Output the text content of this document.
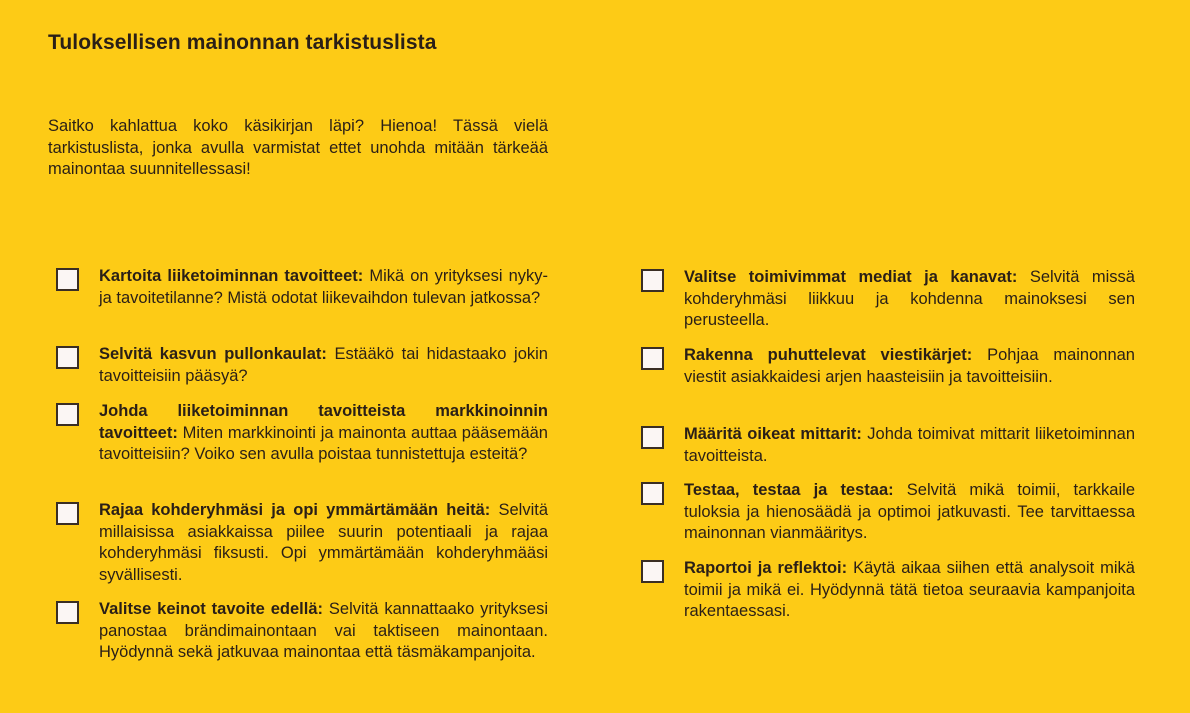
Tuloksellisen mainonnan tarkistuslista

Saitko kahlattua koko käsikirjan läpi? Hienoa! Tässä vielä tarkistuslista, jonka avulla varmistat ettet unohda mitään tärkeää mainontaa suunnitellessasi!

Kartoita liiketoiminnan tavoitteet: Mikä on yrityksesi nyky- ja tavoitetilanne? Mistä odotat liikevaihdon tulevan jatkossa?

Selvitä kasvun pullonkaulat: Estääkö tai hidastaako jokin tavoitteisiin pääsyä?

Johda liiketoiminnan tavoitteista markkinoinnin tavoitteet: Miten markkinointi ja mainonta auttaa pääsemään tavoitteisiin? Voiko sen avulla poistaa tunnistettuja esteitä?

Rajaa kohderyhmäsi ja opi ymmärtämään heitä: Selvitä millaisissa asiakkaissa piilee suurin potentiaali ja rajaa kohderyhmäsi fiksusti. Opi ymmärtämään kohderyhmääsi syvällisesti.

Valitse keinot tavoite edellä: Selvitä kannattaako yrityksesi panostaa brändimainontaan vai taktiseen mainontaan. Hyödynnä sekä jatkuvaa mainontaa että täsmäkampanjoita.

Valitse toimivimmat mediat ja kanavat: Selvitä missä kohderyhmäsi liikkuu ja kohdenna mainoksesi sen perusteella.

Rakenna puhuttelevat viestikärjet: Pohjaa mainonnan viestit asiakkaidesi arjen haasteisiin ja tavoitteisiin.

Määritä oikeat mittarit: Johda toimivat mittarit liiketoiminnan tavoitteista.

Testaa, testaa ja testaa: Selvitä mikä toimii, tarkkaile tuloksia ja hienosäädä ja optimoi jatkuvasti. Tee tarvittaessa mainonnan vianmääritys.

Raportoi ja reflektoi: Käytä aikaa siihen että analysoit mikä toimii ja mikä ei. Hyödynnä tätä tietoa seuraavia kampanjoita rakentaessasi.
